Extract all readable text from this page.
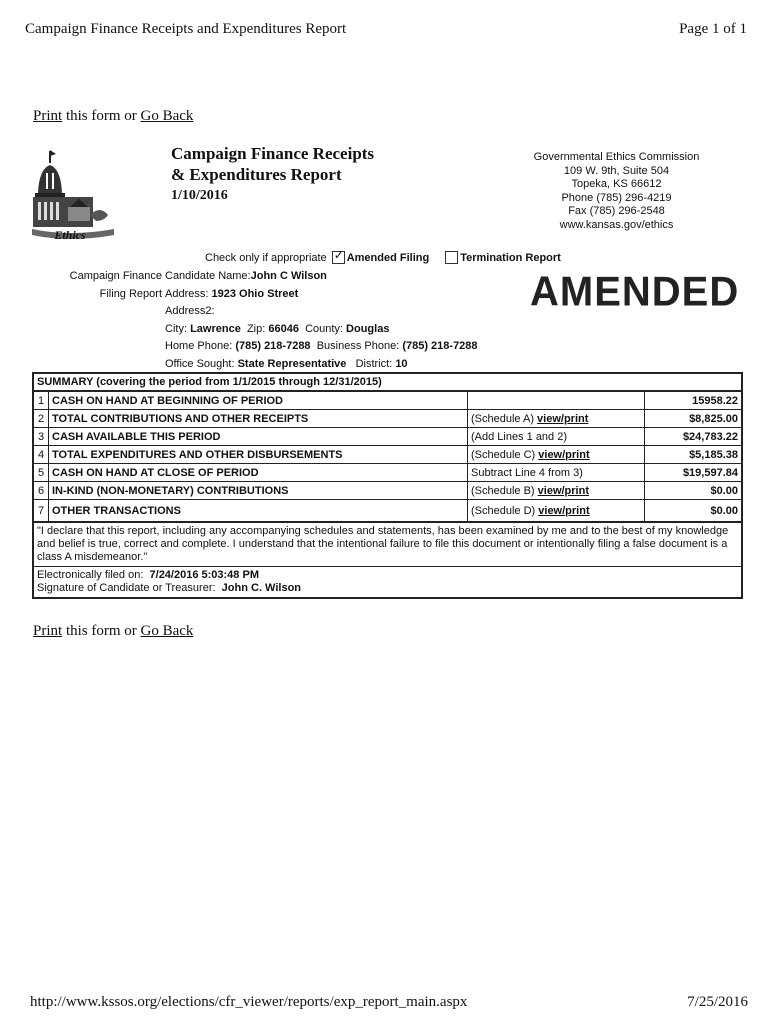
Campaign Finance Receipts and Expenditures Report	Page 1 of 1
Print this form or Go Back
Ethics
Campaign Finance Receipts
& Expenditures Report
1/10/2016
Governmental Ethics Commission
109 W. 9th, Suite 504
Topeka, KS 66612
Phone (785) 296-4219
Fax (785) 296-2548
www.kansas.gov/ethics
Check only if appropriate ✓ Amended Filing	Termination Report
Campaign Finance
Filing Report
Candidate Name:John C Wilson
Address: 1923 Ohio Street
Address2:
City: Lawrence Zip: 66046 County: Douglas
Home Phone: (785) 218-7288 Business Phone: (785) 218-7288
Office Sought: State Representative District: 10
AMENDED
SUMMARY (covering the period from 1/1/2015 through 12/31/2015)
1	CASH ON HAND AT BEGINNING OF PERIOD		15958.22
2	TOTAL CONTRIBUTIONS AND OTHER RECEIPTS	(Schedule A) view/print	$8,825.00
3	CASH AVAILABLE THIS PERIOD	(Add Lines 1 and 2)	$24,783.22
4	TOTAL EXPENDITURES AND OTHER DISBURSEMENTS	(Schedule C) view/print	$5,185.38
5	CASH ON HAND AT CLOSE OF PERIOD	Subtract Line 4 from 3)	$19,597.84
6	IN-KIND (NON-MONETARY) CONTRIBUTIONS	(Schedule B) view/print	$0.00
7	OTHER TRANSACTIONS	(Schedule D) view/print	$0.00
"I declare that this report, including any accompanying schedules and statements, has been examined by me and to the best of my knowledge and belief is true, correct and complete. I understand that the intentional failure to file this document or intentionally filing a false document is a class A misdemeanor."
Electronically filed on: 7/24/2016 5:03:48 PM
Signature of Candidate or Treasurer: John C. Wilson
Print this form or Go Back
http://www.kssos.org/elections/cfr_viewer/reports/exp_report_main.aspx	7/25/2016
